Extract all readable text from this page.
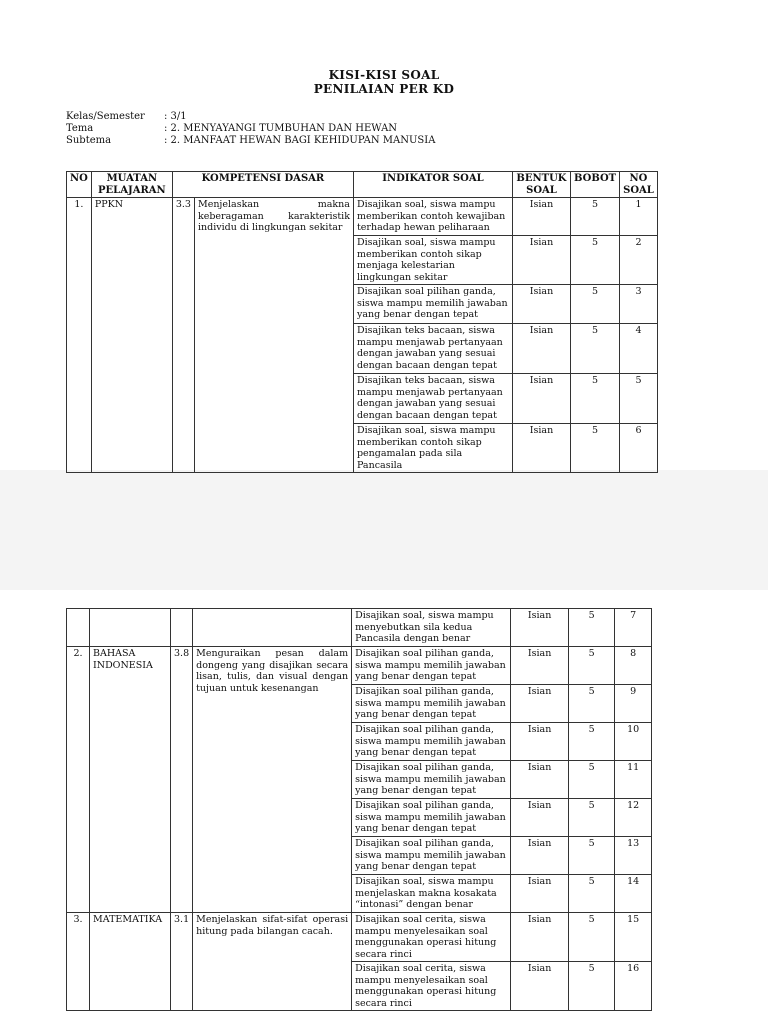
KISI-KISI SOAL
PENILAIAN PER KD
Kelas/Semester : 3/1
Tema	: 2. MENYAYANGI TUMBUHAN DAN HEWAN
Subtema	: 2. MANFAAT HEWAN BAGI KEHIDUPAN MANUSIA
NO	MUATAN PELAJARAN	KOMPETENSI DASAR		INDIKATOR SOAL	BENTUK SOAL	BOBOT	NO SOAL
1.	PPKN	3.3	Menjelaskan makna keberagaman karakteristik individu di lingkungan sekitar	Disajikan soal, siswa mampu memberikan contoh kewajiban terhadap hewan peliharaan	Isian	5	1
				Disajikan soal, siswa mampu memberikan contoh sikap menjaga kelestarian lingkungan sekitar	Isian	5	2
				Disajikan soal pilihan ganda, siswa mampu memilih jawaban yang benar dengan tepat	Isian	5	3
				Disajikan teks bacaan, siswa mampu menjawab pertanyaan dengan jawaban yang sesuai dengan bacaan dengan tepat	Isian	5	4
				Disajikan teks bacaan, siswa mampu menjawab pertanyaan dengan jawaban yang sesuai dengan bacaan dengan tepat	Isian	5	5
				Disajikan soal, siswa mampu memberikan contoh sikap pengamalan pada sila Pancasila	Isian	5	6
				Disajikan soal, siswa mampu menyebutkan sila kedua Pancasila dengan benar	Isian	5	7
2.	BAHASA INDONESIA	3.8	Menguraikan pesan dalam dongeng yang disajikan secara lisan, tulis, dan visual dengan tujuan untuk kesenangan	Disajikan soal pilihan ganda, siswa mampu memilih jawaban yang benar dengan tepat	Isian	5	8
				Disajikan soal pilihan ganda, siswa mampu memilih jawaban yang benar dengan tepat	Isian	5	9
				Disajikan soal pilihan ganda, siswa mampu memilih jawaban yang benar dengan tepat	Isian	5	10
				Disajikan soal pilihan ganda, siswa mampu memilih jawaban yang benar dengan tepat	Isian	5	11
				Disajikan soal pilihan ganda, siswa mampu memilih jawaban yang benar dengan tepat	Isian	5	12
				Disajikan soal pilihan ganda, siswa mampu memilih jawaban yang benar dengan tepat	Isian	5	13
				Disajikan soal, siswa mampu menjelaskan makna kosakata “intonasi” dengan benar	Isian	5	14
3.	MATEMATIKA	3.1	Menjelaskan sifat-sifat operasi hitung pada bilangan cacah.	Disajikan soal cerita, siswa mampu menyelesaikan soal menggunakan operasi hitung secara rinci	Isian	5	15
				Disajikan soal cerita, siswa mampu menyelesaikan soal menggunakan operasi hitung secara rinci	Isian	5	16
